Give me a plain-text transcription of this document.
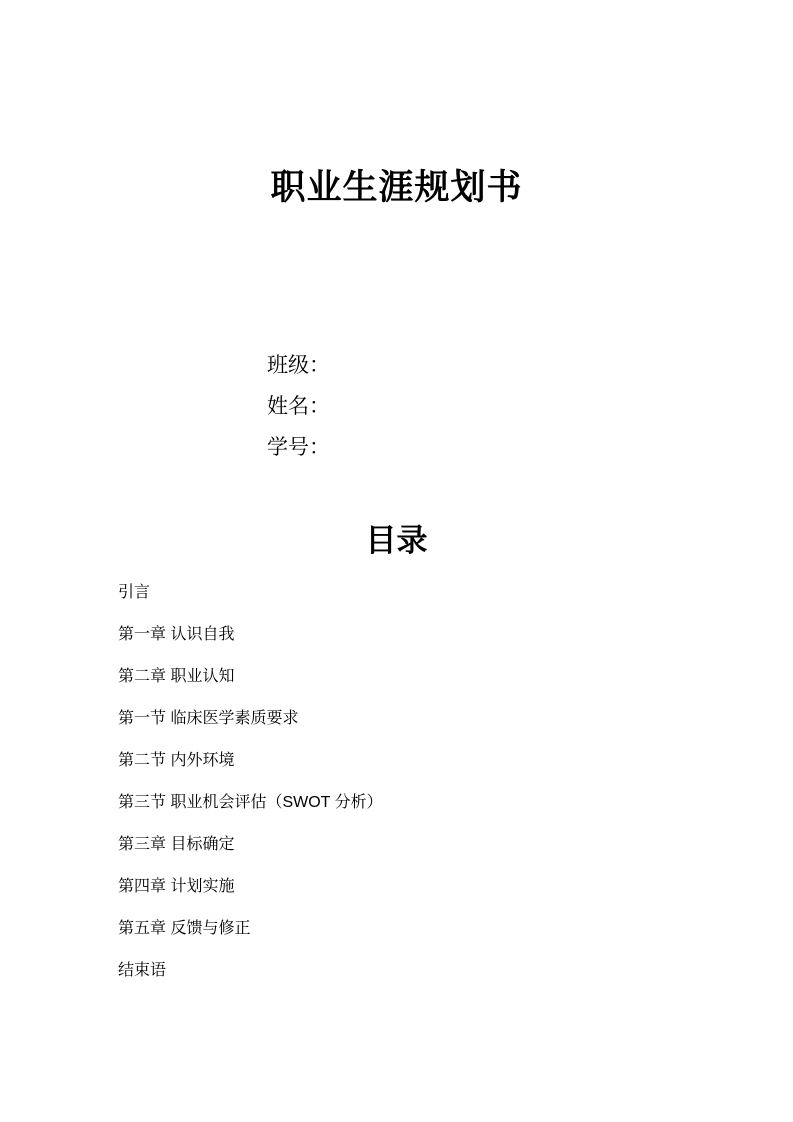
职业生涯规划书
班级：
姓名：
学号：
目录
引言
第一章 认识自我
第二章 职业认知
第一节 临床医学素质要求
第二节 内外环境
第三节 职业机会评估（SWOT 分析）
第三章 目标确定
第四章 计划实施
第五章 反馈与修正
结束语
